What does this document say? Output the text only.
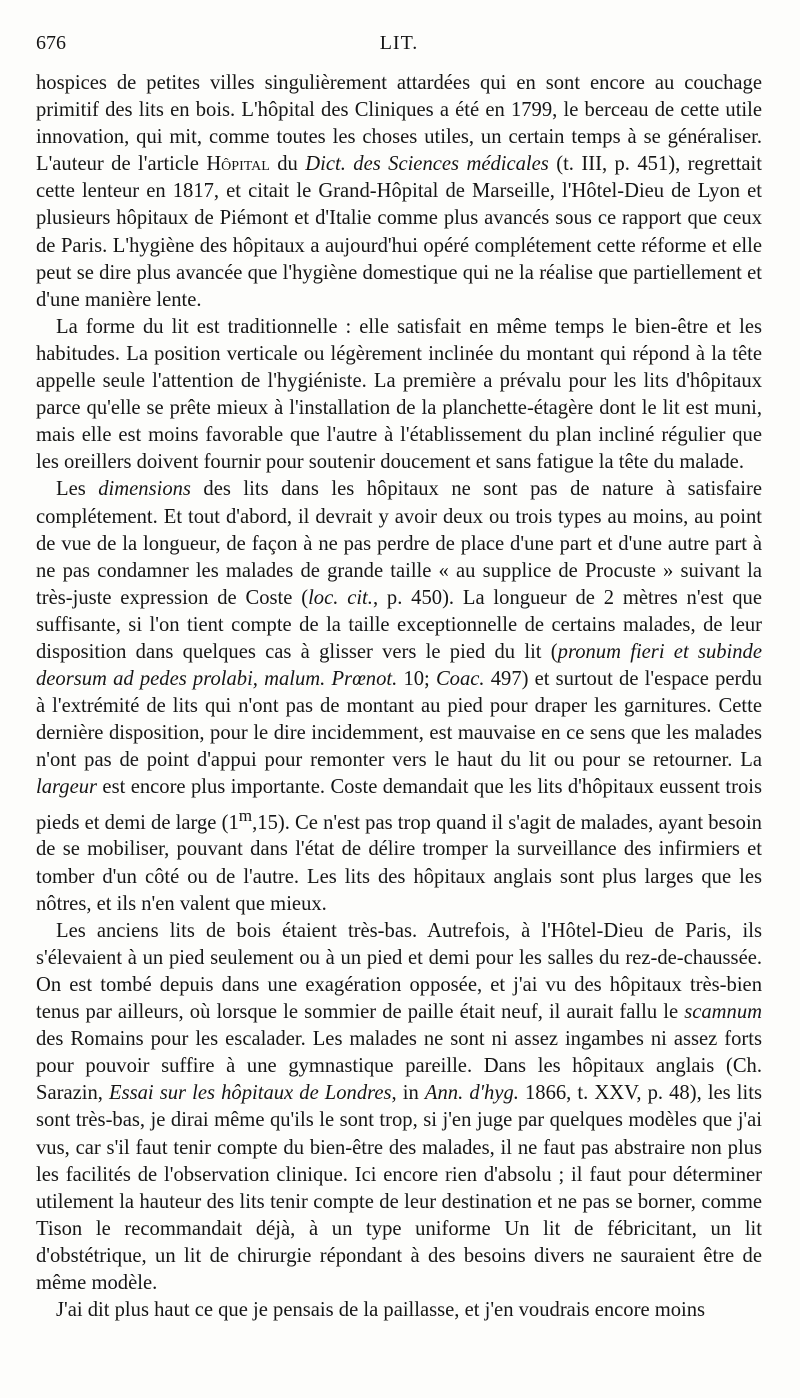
676	LIT.

hospices de petites villes singulièrement attardées qui en sont encore au couchage primitif des lits en bois. L'hôpital des Cliniques a été en 1799, le berceau de cette utile innovation, qui mit, comme toutes les choses utiles, un certain temps à se généraliser. L'auteur de l'article Hôpital du Dict. des Sciences médicales (t. III, p. 451), regrettait cette lenteur en 1817, et citait le Grand-Hôpital de Marseille, l'Hôtel-Dieu de Lyon et plusieurs hôpitaux de Piémont et d'Italie comme plus avancés sous ce rapport que ceux de Paris. L'hygiène des hôpitaux a aujourd'hui opéré complétement cette réforme et elle peut se dire plus avancée que l'hygiène domestique qui ne la réalise que partiellement et d'une manière lente.

La forme du lit est traditionnelle : elle satisfait en même temps le bien-être et les habitudes. La position verticale ou légèrement inclinée du montant qui répond à la tête appelle seule l'attention de l'hygiéniste. La première a prévalu pour les lits d'hôpitaux parce qu'elle se prête mieux à l'installation de la planchette-étagère dont le lit est muni, mais elle est moins favorable que l'autre à l'établissement du plan incliné régulier que les oreillers doivent fournir pour soutenir doucement et sans fatigue la tête du malade.

Les dimensions des lits dans les hôpitaux ne sont pas de nature à satisfaire complétement. Et tout d'abord, il devrait y avoir deux ou trois types au moins, au point de vue de la longueur, de façon à ne pas perdre de place d'une part et d'une autre part à ne pas condamner les malades de grande taille « au supplice de Procuste » suivant la très-juste expression de Coste (loc. cit., p. 450). La longueur de 2 mètres n'est que suffisante, si l'on tient compte de la taille exceptionnelle de certains malades, de leur disposition dans quelques cas à glisser vers le pied du lit (pronum fieri et subinde deorsum ad pedes prolabi, malum. Prœnot. 10; Coac. 497) et surtout de l'espace perdu à l'extrémité de lits qui n'ont pas de montant au pied pour draper les garnitures. Cette dernière disposition, pour le dire incidemment, est mauvaise en ce sens que les malades n'ont pas de point d'appui pour remonter vers le haut du lit ou pour se retourner. La largeur est encore plus importante. Coste demandait que les lits d'hôpitaux eussent trois pieds et demi de large (1$^m$,15). Ce n'est pas trop quand il s'agit de malades, ayant besoin de se mobiliser, pouvant dans l'état de délire tromper la surveillance des infirmiers et tomber d'un côté ou de l'autre. Les lits des hôpitaux anglais sont plus larges que les nôtres, et ils n'en valent que mieux.

Les anciens lits de bois étaient très-bas. Autrefois, à l'Hôtel-Dieu de Paris, ils s'élevaient à un pied seulement ou à un pied et demi pour les salles du rez-de-chaussée. On est tombé depuis dans une exagération opposée, et j'ai vu des hôpitaux très-bien tenus par ailleurs, où lorsque le sommier de paille était neuf, il aurait fallu le scamnum des Romains pour les escalader. Les malades ne sont ni assez ingambes ni assez forts pour pouvoir suffire à une gymnastique pareille. Dans les hôpitaux anglais (Ch. Sarazin, Essai sur les hôpitaux de Londres, in Ann. d'hyg. 1866, t. XXV, p. 48), les lits sont très-bas, je dirai même qu'ils le sont trop, si j'en juge par quelques modèles que j'ai vus, car s'il faut tenir compte du bien-être des malades, il ne faut pas abstraire non plus les facilités de l'observation clinique. Ici encore rien d'absolu ; il faut pour déterminer utilement la hauteur des lits tenir compte de leur destination et ne pas se borner, comme Tison le recommandait déjà, à un type uniforme Un lit de fébricitant, un lit d'obstétrique, un lit de chirurgie répondant à des besoins divers ne sauraient être de même modèle.

J'ai dit plus haut ce que je pensais de la paillasse, et j'en voudrais encore moins
